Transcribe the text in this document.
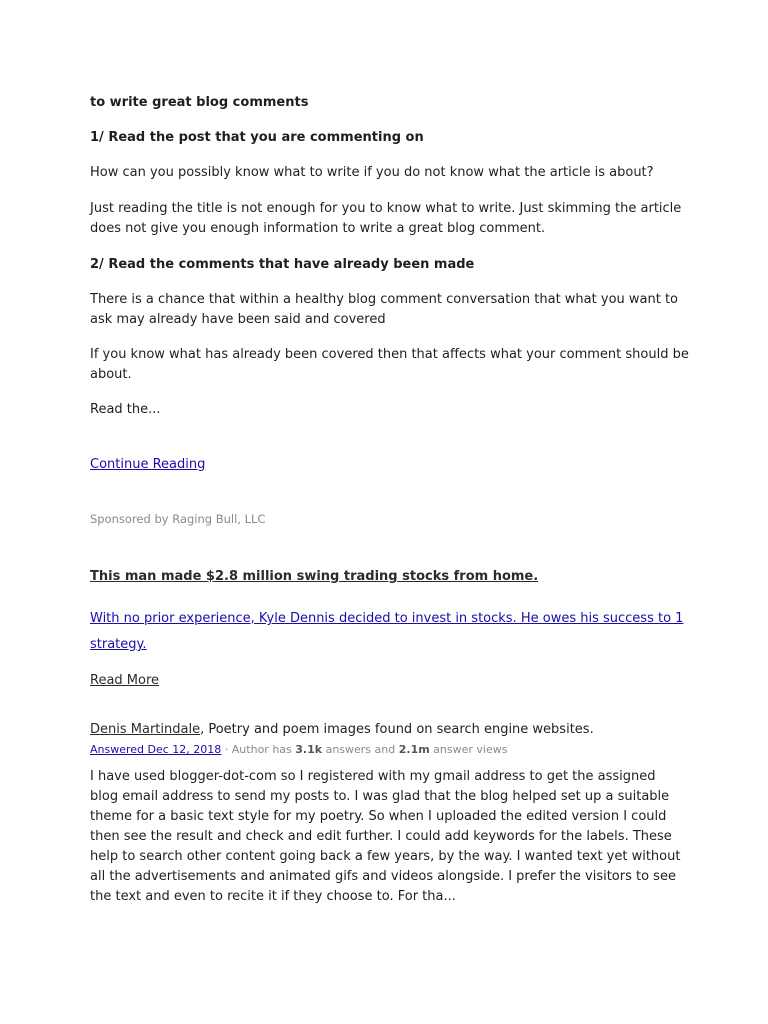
to write great blog comments
1/ Read the post that you are commenting on
How can you possibly know what to write if you do not know what the article is about?
Just reading the title is not enough for you to know what to write. Just skimming the article
does not give you enough information to write a great blog comment.
2/ Read the comments that have already been made
There is a chance that within a healthy blog comment conversation that what you want to
ask may already have been said and covered
If you know what has already been covered then that affects what your comment should be
about.
Read the...
Continue Reading
Sponsored by Raging Bull, LLC
This man made $2.8 million swing trading stocks from home.
With no prior experience, Kyle Dennis decided to invest in stocks. He owes his success to 1
strategy.
Read More
Denis Martindale, Poetry and poem images found on search engine websites.
Answered Dec 12, 2018 · Author has 3.1k answers and 2.1m answer views
I have used blogger-dot-com so I registered with my gmail address to get the assigned
blog email address to send my posts to. I was glad that the blog helped set up a suitable
theme for a basic text style for my poetry. So when I uploaded the edited version I could
then see the result and check and edit further. I could add keywords for the labels. These
help to search other content going back a few years, by the way. I wanted text yet without
all the advertisements and animated gifs and videos alongside. I prefer the visitors to see
the text and even to recite it if they choose to. For tha...
